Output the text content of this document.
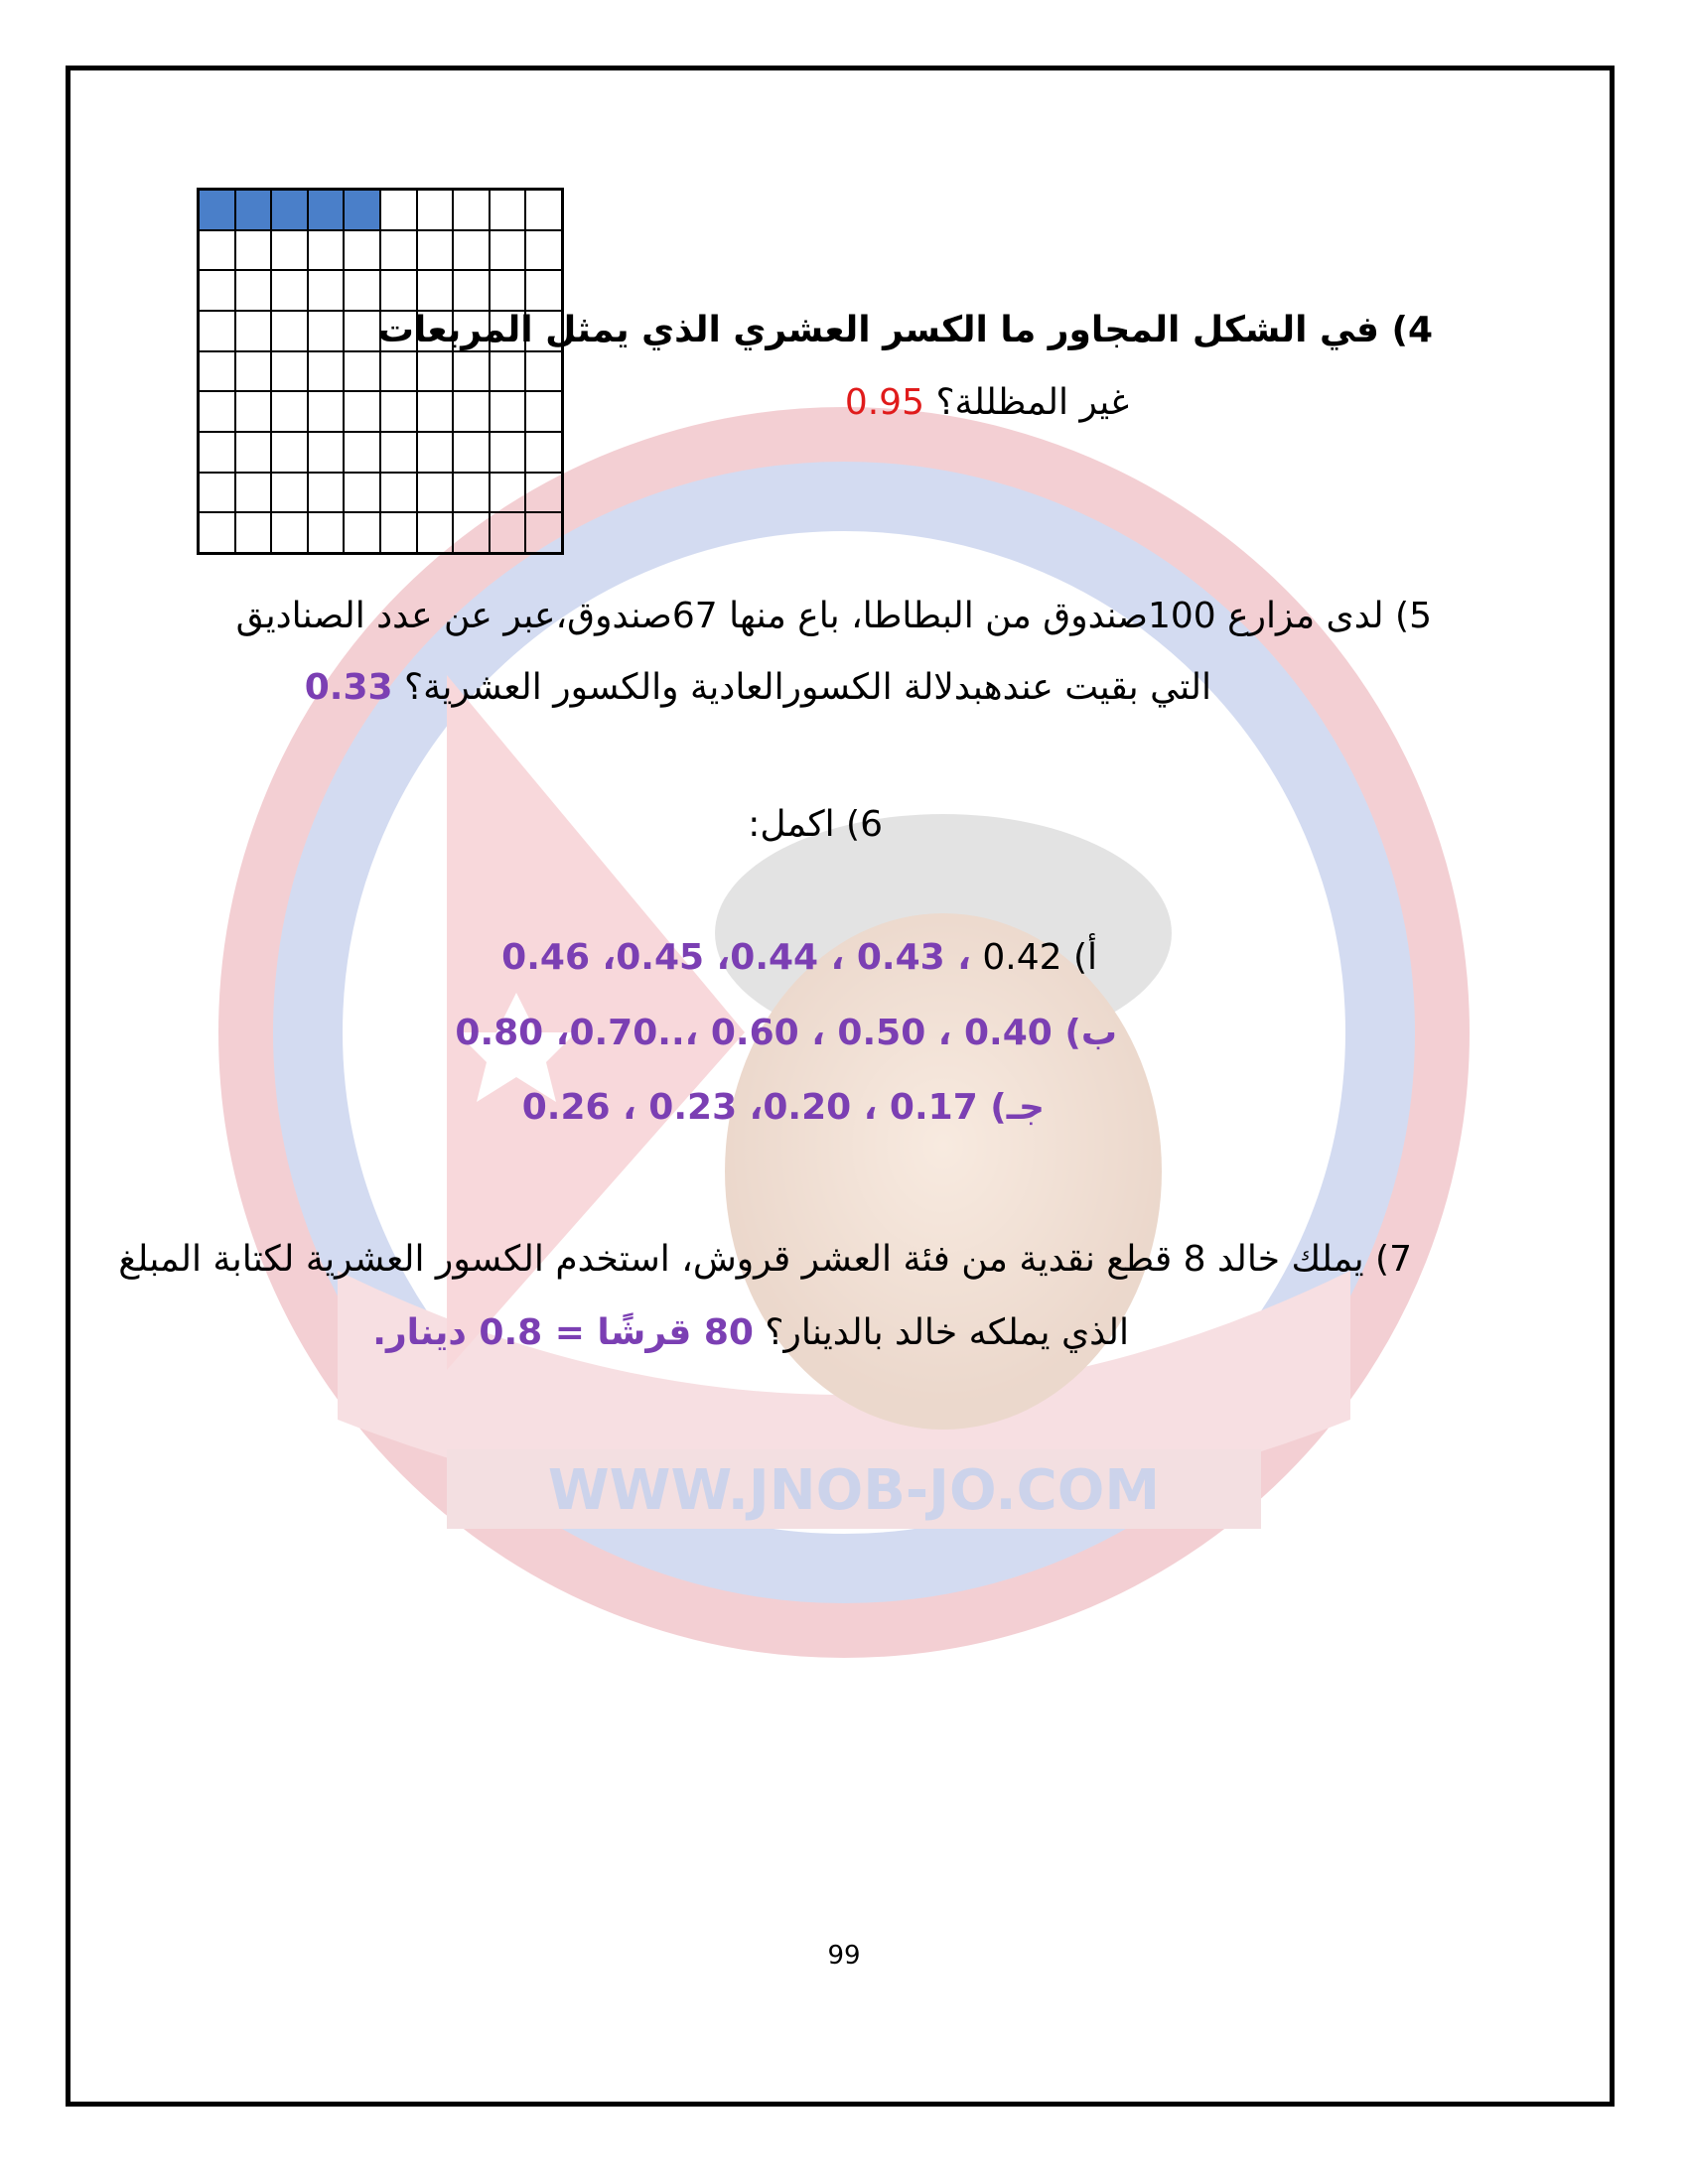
WWW.JNOB-JO.COM
4) في الشكل المجاور ما الكسر العشري الذي يمثل المربعات
غير المظللة؟ 0.95
5) لدى مزارع 100صندوق من البطاطا، باع منها 67صندوق،عبر عن عدد الصناديق
التي بقيت عندهبدلالة الكسورالعادية والكسور العشرية؟ 0.33
6) اكمل:
أ) 0.42 ، 0.43 ، 0.44، 0.45، 0.46
ب) 0.40 ، 0.50 ، 0.60 ،..0.70، 0.80
جـ) 0.17 ، 0.20، 0.23 ، 0.26
7) يملك خالد 8 قطع نقدية من فئة العشر قروش، استخدم الكسور العشرية لكتابة المبلغ
الذي يملكه خالد بالدينار؟ 80 قرشًا = 0.8 دينار.
99
